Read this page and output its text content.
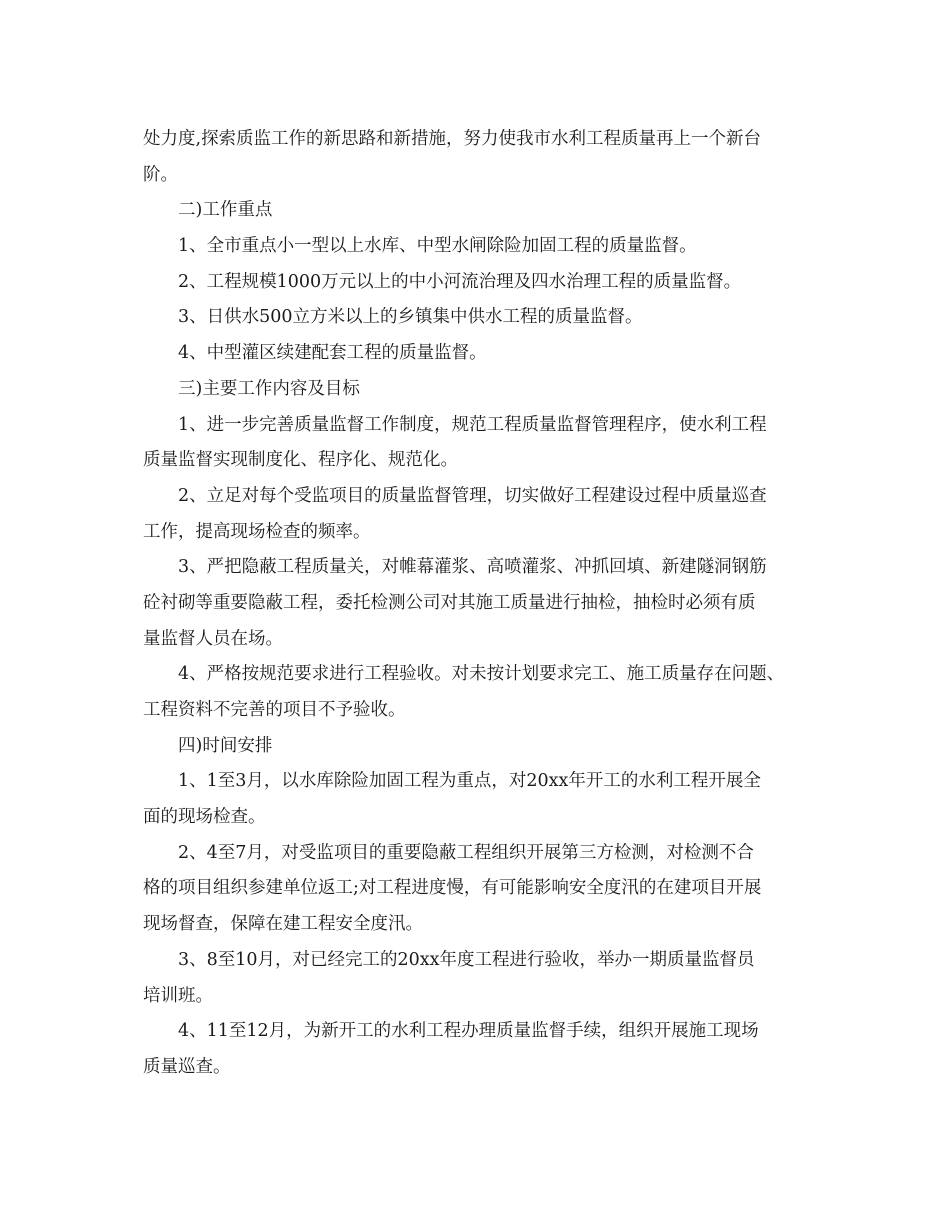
处力度,探索质监工作的新思路和新措施，努力使我市水利工程质量再上一个新台
阶。
二)工作重点
1、全市重点小一型以上水库、中型水闸除险加固工程的质量监督。
2、工程规模1000万元以上的中小河流治理及四水治理工程的质量监督。
3、日供水500立方米以上的乡镇集中供水工程的质量监督。
4、中型灌区续建配套工程的质量监督。
三)主要工作内容及目标
1、进一步完善质量监督工作制度，规范工程质量监督管理程序，使水利工程
质量监督实现制度化、程序化、规范化。
2、立足对每个受监项目的质量监督管理，切实做好工程建设过程中质量巡查
工作，提高现场检查的频率。
3、严把隐蔽工程质量关，对帷幕灌浆、高喷灌浆、冲抓回填、新建隧洞钢筋
砼衬砌等重要隐蔽工程，委托检测公司对其施工质量进行抽检，抽检时必须有质
量监督人员在场。
4、严格按规范要求进行工程验收。对未按计划要求完工、施工质量存在问题、
工程资料不完善的项目不予验收。
四)时间安排
1、1至3月，以水库除险加固工程为重点，对20xx年开工的水利工程开展全
面的现场检查。
2、4至7月，对受监项目的重要隐蔽工程组织开展第三方检测，对检测不合
格的项目组织参建单位返工;对工程进度慢，有可能影响安全度汛的在建项目开展
现场督查，保障在建工程安全度汛。
3、8至10月，对已经完工的20xx年度工程进行验收，举办一期质量监督员
培训班。
4、11至12月，为新开工的水利工程办理质量监督手续，组织开展施工现场
质量巡查。
